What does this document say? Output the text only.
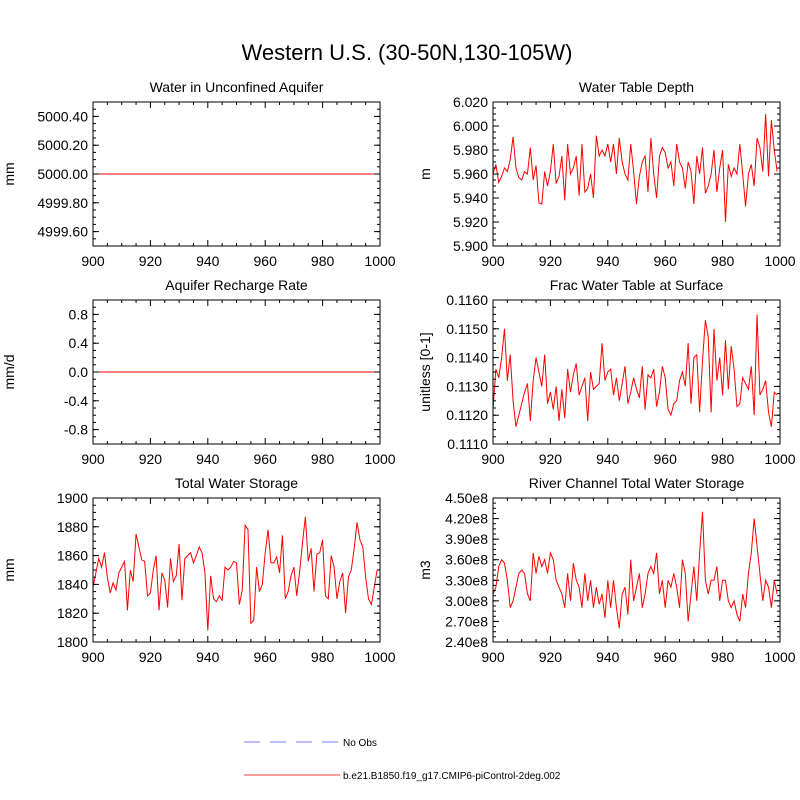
Western U.S. (30-50N,130-105W)
Water in Unconfined Aquifer
900 920 940 960 980 1000
4999.60
4999.80
5000.00
5000.20
5000.40
mm
Water Table Depth
900 920 940 960 980 1000
5.900
5.920
5.940
5.960
5.980
6.000
6.020
m
Aquifer Recharge Rate
900 920 940 960 980 1000
-0.8
-0.4
0.0
0.4
0.8
mm/d
Frac Water Table at Surface
900 920 940 960 980 1000
0.1110
0.1120
0.1130
0.1140
0.1150
0.1160
unitless [0-1]
Total Water Storage
900 920 940 960 980 1000
1800
1820
1840
1860
1880
1900
mm
River Channel Total Water Storage
900 920 940 960 980 1000
2.40e8
2.70e8
3.00e8
3.30e8
3.60e8
3.90e8
4.20e8
4.50e8
m3
No Obs
b.e21.B1850.f19_g17.CMIP6-piControl-2deg.002
